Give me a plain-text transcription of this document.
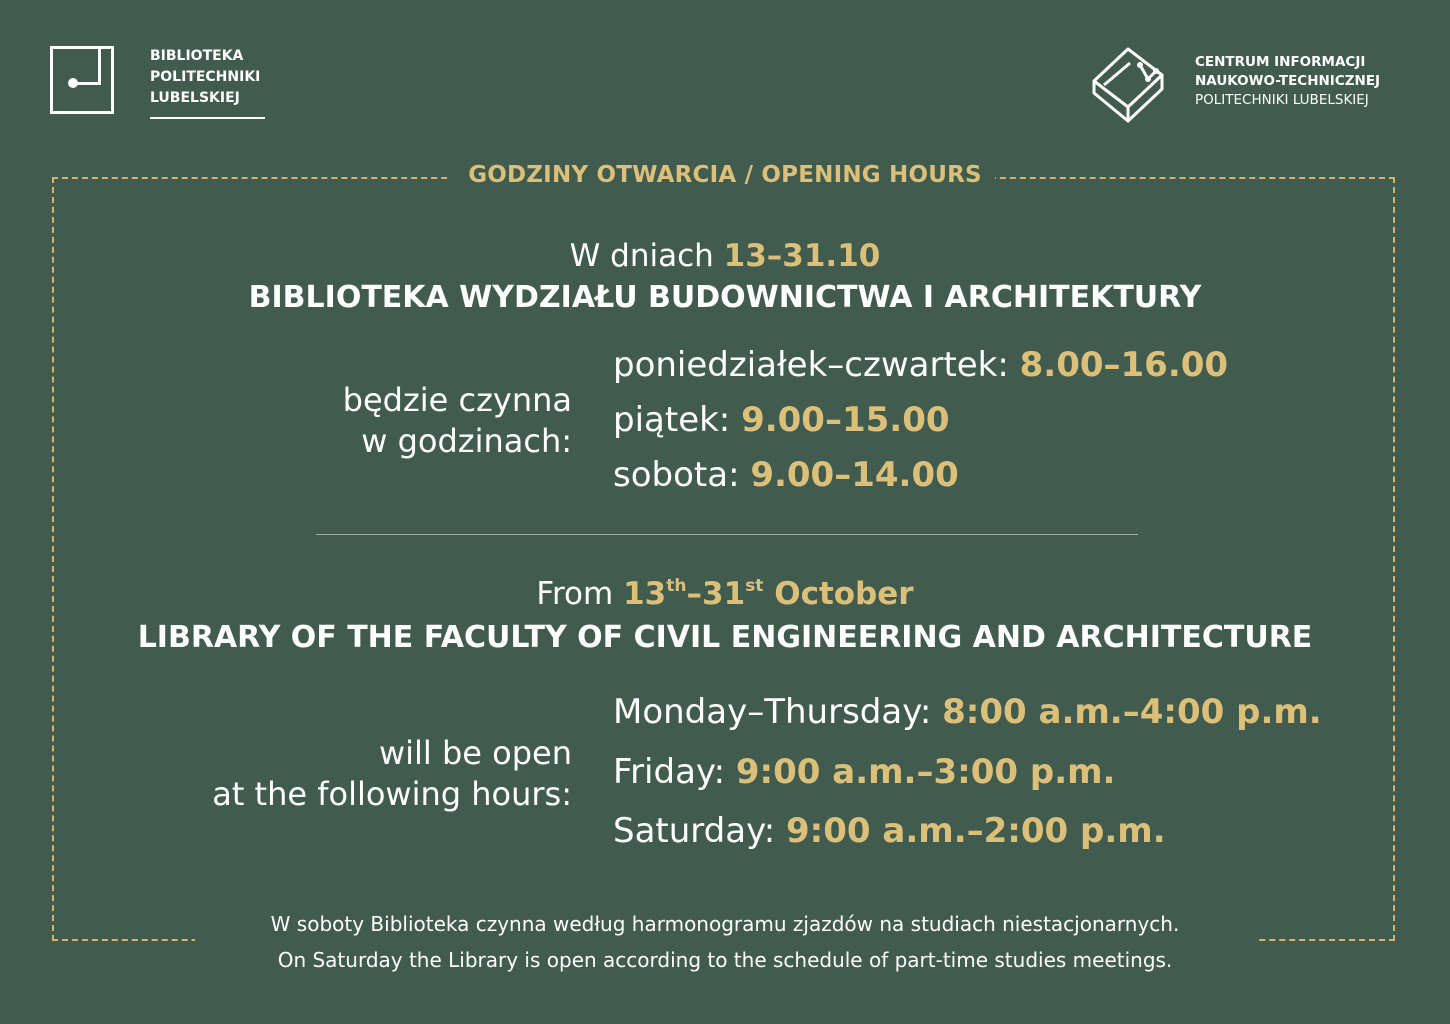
BIBLIOTEKA
POLITECHNIKI
LUBELSKIEJ
CENTRUM INFORMACJI
NAUKOWO-TECHNICZNEJ
POLITECHNIKI LUBELSKIEJ
GODZINY OTWARCIA / OPENING HOURS
W dniach 13–31.10
BIBLIOTEKA WYDZIAŁU BUDOWNICTWA I ARCHITEKTURY
będzie czynna
w godzinach:
poniedziałek–czwartek: 8.00–16.00
piątek: 9.00–15.00
sobota: 9.00–14.00
From 13th–31st October
LIBRARY OF THE FACULTY OF CIVIL ENGINEERING AND ARCHITECTURE
will be open
at the following hours:
Monday–Thursday: 8:00 a.m.–4:00 p.m.
Friday: 9:00 a.m.–3:00 p.m.
Saturday: 9:00 a.m.–2:00 p.m.
W soboty Biblioteka czynna według harmonogramu zjazdów na studiach niestacjonarnych.
On Saturday the Library is open according to the schedule of part-time studies meetings.
